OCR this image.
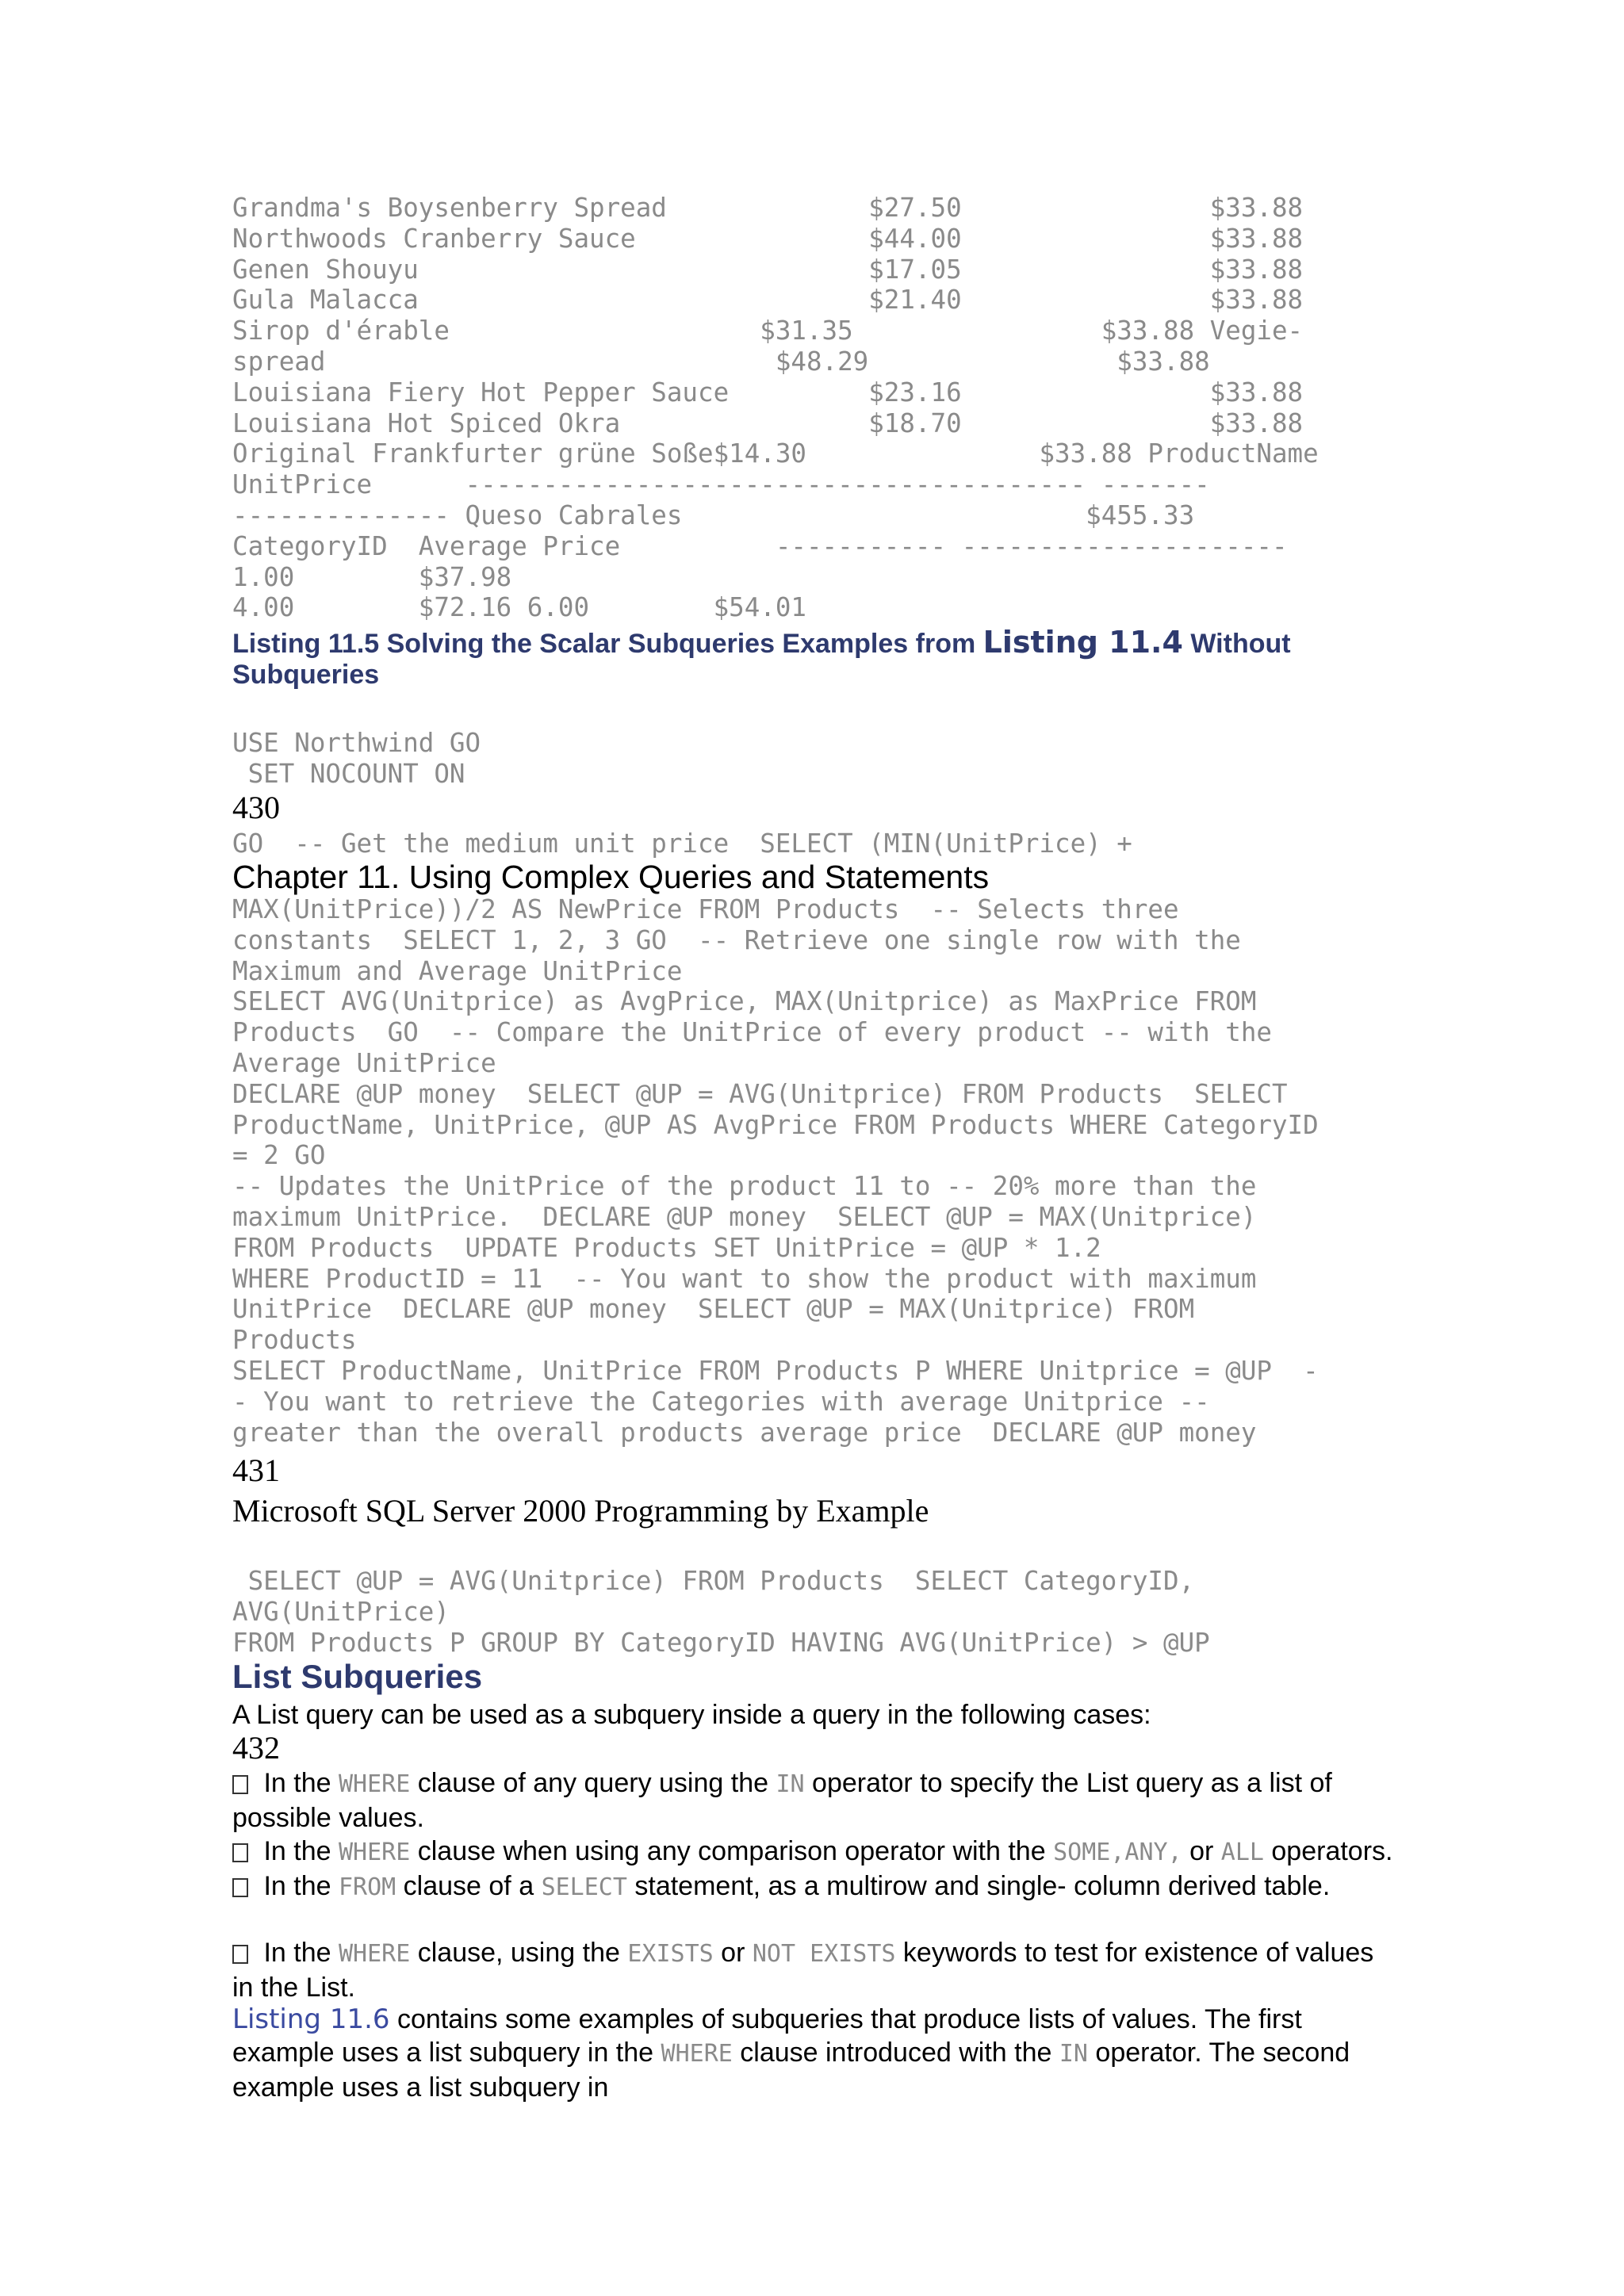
Grandma's Boysenberry Spread             $27.50                $33.88
Northwoods Cranberry Sauce               $44.00                $33.88
Genen Shouyu                             $17.05                $33.88
Gula Malacca                             $21.40                $33.88
Sirop d'érable                    $31.35                $33.88 Vegie-
spread                             $48.29                $33.88
Louisiana Fiery Hot Pepper Sauce         $23.16                $33.88
Louisiana Hot Spiced Okra                $18.70                $33.88
Original Frankfurter grüne Soße$14.30               $33.88 ProductName
UnitPrice      ---------------------------------------- -------
-------------- Queso Cabrales                          $455.33
CategoryID  Average Price          ----------- ---------------------
1.00        $37.98
4.00        $72.16 6.00        $54.01
Listing 11.5 Solving the Scalar Subqueries Examples from Listing 11.4 Without Subqueries
USE Northwind GO
SET NOCOUNT ON
430
GO  -- Get the medium unit price  SELECT (MIN(UnitPrice) +
Chapter 11. Using Complex Queries and Statements
MAX(UnitPrice))/2 AS NewPrice FROM Products  -- Selects three
constants  SELECT 1, 2, 3 GO  -- Retrieve one single row with the
Maximum and Average UnitPrice
SELECT AVG(Unitprice) as AvgPrice, MAX(Unitprice) as MaxPrice FROM
Products  GO  -- Compare the UnitPrice of every product -- with the
Average UnitPrice
DECLARE @UP money  SELECT @UP = AVG(Unitprice) FROM Products  SELECT
ProductName, UnitPrice, @UP AS AvgPrice FROM Products WHERE CategoryID
= 2 GO
-- Updates the UnitPrice of the product 11 to -- 20% more than the
maximum UnitPrice.  DECLARE @UP money  SELECT @UP = MAX(Unitprice)
FROM Products  UPDATE Products SET UnitPrice = @UP * 1.2
WHERE ProductID = 11  -- You want to show the product with maximum
UnitPrice  DECLARE @UP money  SELECT @UP = MAX(Unitprice) FROM
Products
SELECT ProductName, UnitPrice FROM Products P WHERE Unitprice = @UP  -
- You want to retrieve the Categories with average Unitprice --
greater than the overall products average price  DECLARE @UP money
431
Microsoft SQL Server 2000 Programming by Example
SELECT @UP = AVG(Unitprice) FROM Products  SELECT CategoryID,
AVG(UnitPrice)
FROM Products P GROUP BY CategoryID HAVING AVG(UnitPrice) > @UP
List Subqueries
A List query can be used as a subquery inside a query in the following cases:
432
In the WHERE clause of any query using the IN operator to specify the List query as a list of possible values.
In the WHERE clause when using any comparison operator with the SOME,ANY, or ALL operators.  In the FROM clause of a SELECT statement, as a multirow and single- column derived table.
In the WHERE clause, using the EXISTS or NOT EXISTS keywords to test for existence of values in the List.
Listing 11.6 contains some examples of subqueries that produce lists of values. The first example uses a list subquery in the WHERE clause introduced with the IN operator. The second example uses a list subquery in
